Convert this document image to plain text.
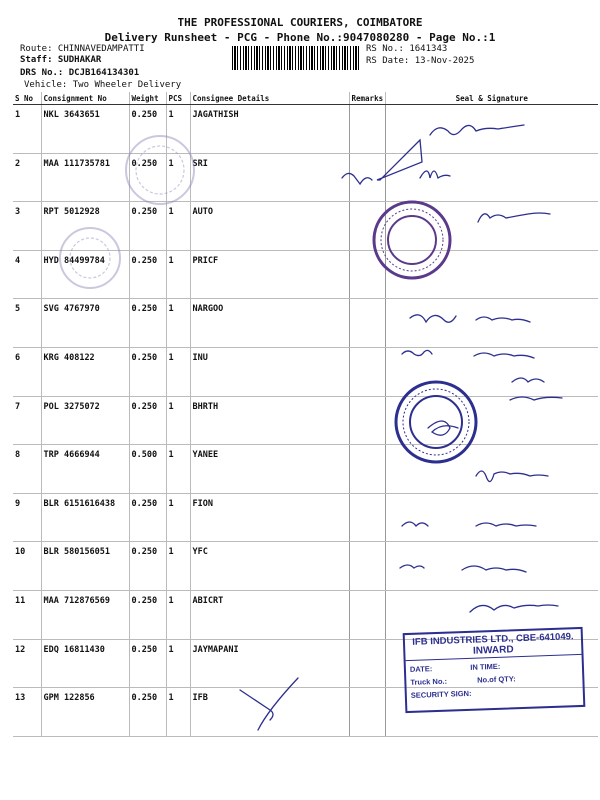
THE PROFESSIONAL COURIERS, COIMBATORE
Delivery Runsheet - PCG - Phone No.:9047080280 - Page No.:1
Route: CHINNAVEDAMPATTI
Staff: SUDHAKAR
DRS No.: DCJB164134301
Vehicle: Two Wheeler Delivery
RS No.: 1641343
RS Date: 13-Nov-2025
S No	Consignment No	Weight	PCS	Consignee Details	Remarks	Seal & Signature
1	NKL 3643651	0.250	1	JAGATHISH		
2	MAA 111735781	0.250	1	SRI		
3	RPT 5012928	0.250	1	AUTO		
4	HYD 84499784	0.250	1	PRICF		
5	SVG 4767970	0.250	1	NARGOO		
6	KRG 408122	0.250	1	INU		
7	POL 3275072	0.250	1	BHRTH		
8	TRP 4666944	0.500	1	YANEE		
9	BLR 6151616438	0.250	1	FION		
10	BLR 580156051	0.250	1	YFC		
11	MAA 712876569	0.250	1	ABICRT		
12	EDQ 16811430	0.250	1	JAYMAPANI		
13	GPM 122856	0.250	1	IFB		
IFB INDUSTRIES LTD., CBE-641049.
INWARD
DATE:	IN TIME:
Truck No.:	No.of QTY:
SECURITY SIGN:
